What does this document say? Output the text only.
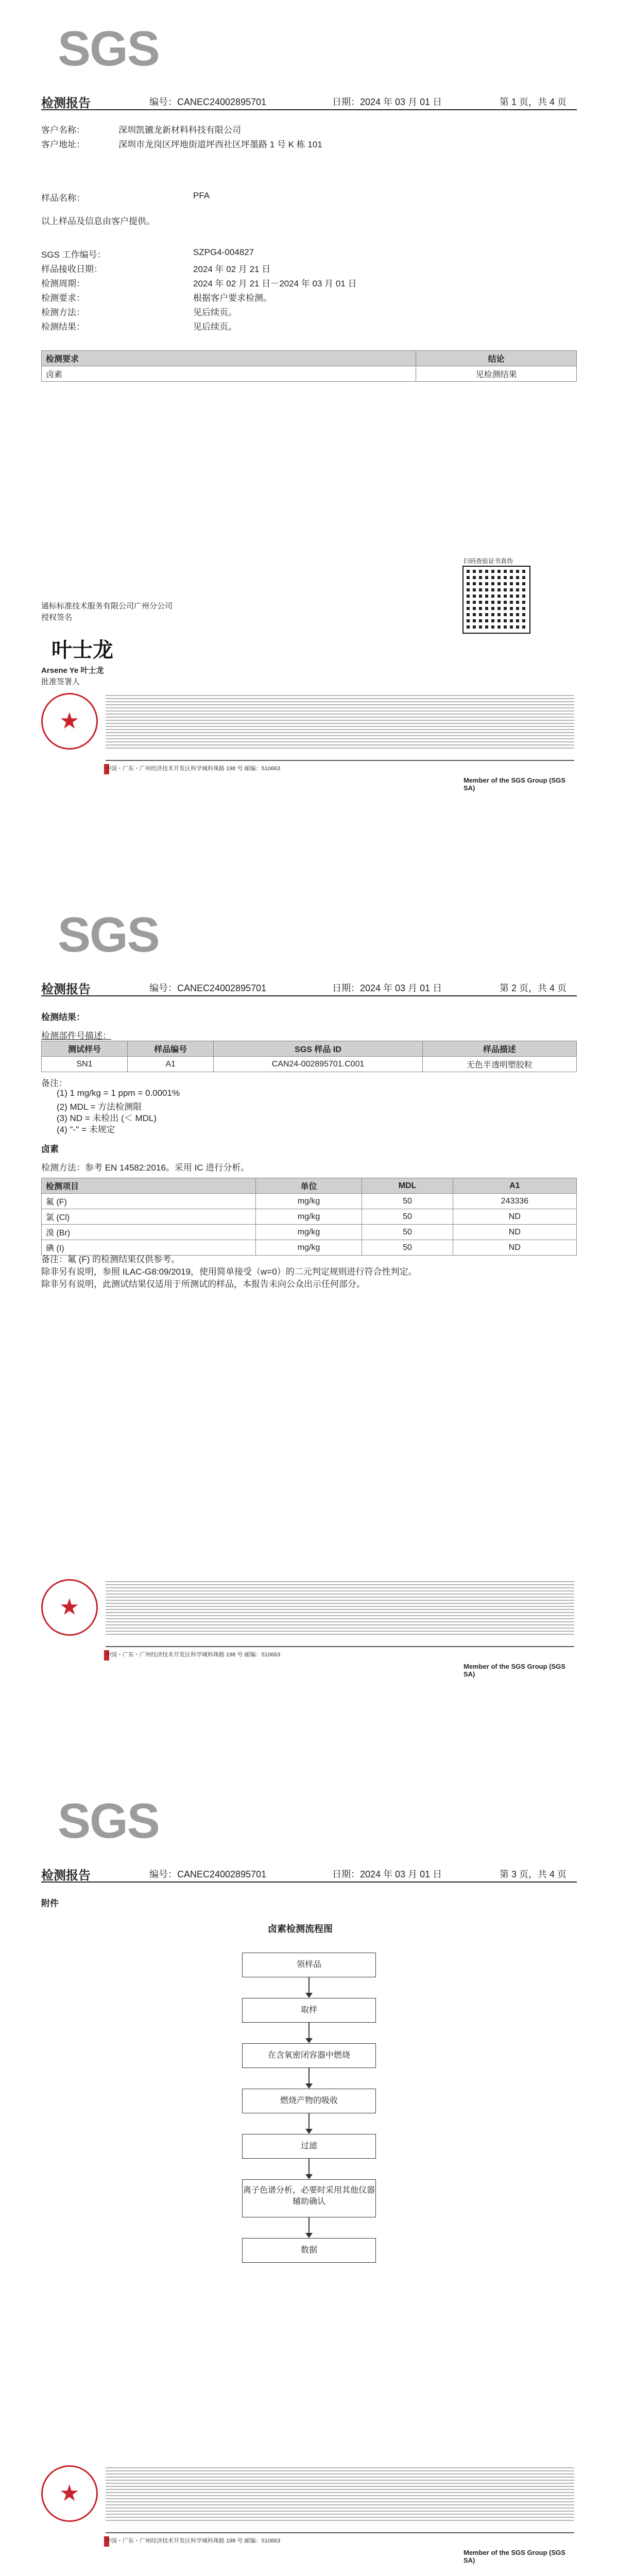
SGS
检测报告	编号：CANEC24002895701	日期：2024 年 03 月 01 日	第 1 页，共 4 页
客户名称：	深圳凯镳龙新材料科技有限公司
客户地址：	深圳市龙岗区坪地街道坪西社区坪墨路 1 号 K 栋 101
样品名称：	PFA
以上样品及信息由客户提供。
SGS 工作编号：	SZPG4-004827
样品接收日期：	2024 年 02 月 21 日
检测周期：	2024 年 02 月 21 日－2024 年 03 月 01 日
检测要求：	根据客户要求检测。
检测方法：	见后续页。
检测结果：	见后续页。
检测要求	结论
卤素	见检测结果
通标标准技术服务有限公司广州分公司
授权签名
叶士龙
Arsene Ye 叶士龙
批准签署人
扫码查验证书真伪
★
中国・广东・广州经济技术开发区科学城科珠路 198 号 邮编：510663
Member of the SGS Group (SGS SA)
SGS
检测报告	编号：CANEC24002895701	日期：2024 年 03 月 01 日	第 2 页，共 4 页
检测结果：
检测部件号描述：
测试样号	样品编号	SGS 样品 ID	样品描述
SN1	A1	CAN24-002895701.C001	无色半透明塑胶粒
备注：
(1) 1 mg/kg = 1 ppm = 0.0001%
(2) MDL = 方法检测限
(3) ND = 未检出 (＜ MDL)
(4) "-" = 未规定
卤素
检测方法：参考 EN 14582:2016。采用 IC 进行分析。
检测项目	单位	MDL	A1
氟 (F)	mg/kg	50	243336
氯 (Cl)	mg/kg	50	ND
溴 (Br)	mg/kg	50	ND
碘 (I)	mg/kg	50	ND
备注：氟 (F) 的检测结果仅供参考。
除非另有说明，参照 ILAC-G8:09/2019，使用简单接受（w=0）的二元判定规则进行符合性判定。
除非另有说明，此测试结果仅适用于所测试的样品，本报告未向公众出示任何部分。
★
中国・广东・广州经济技术开发区科学城科珠路 198 号 邮编：510663
Member of the SGS Group (SGS SA)
SGS
检测报告	编号：CANEC24002895701	日期：2024 年 03 月 01 日	第 3 页，共 4 页
附件
卤素检测流程图
领样品
取样
在含氧密闭容器中燃烧
燃烧产物的吸收
过滤
离子色谱分析，必要时采用其他仪器辅助确认
数据
★
中国・广东・广州经济技术开发区科学城科珠路 198 号 邮编：510663
Member of the SGS Group (SGS SA)
